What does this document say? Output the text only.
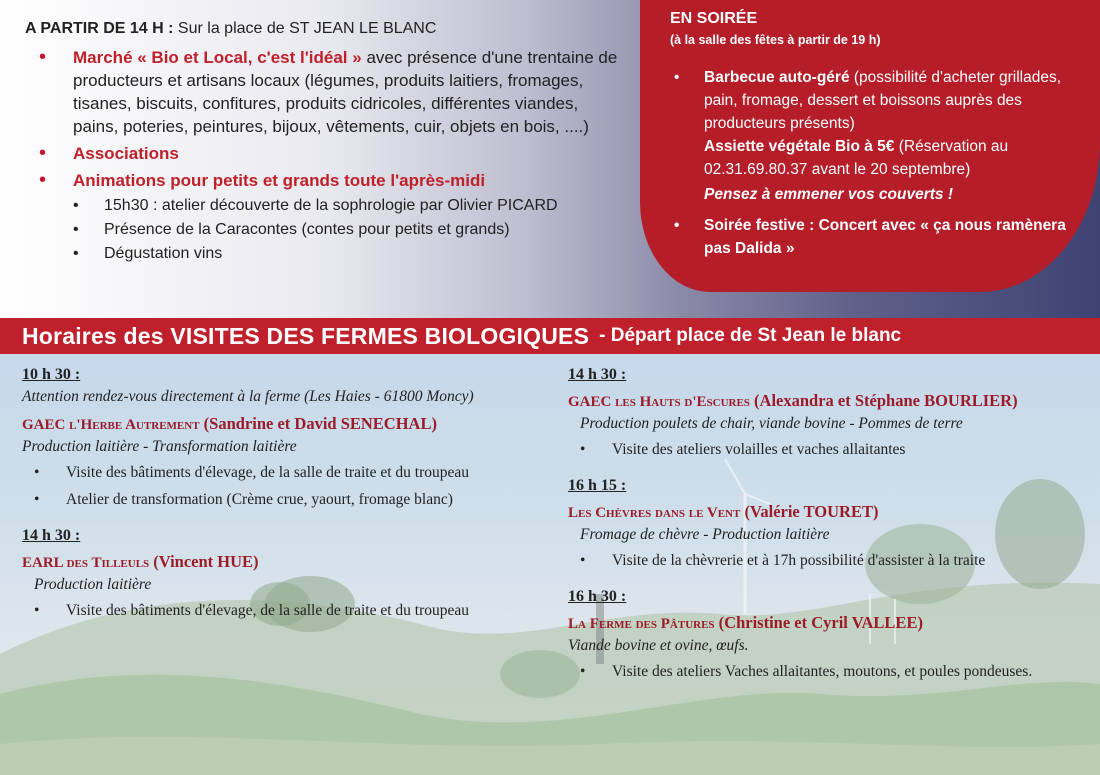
A PARTIR DE 14 H : Sur la place de ST JEAN LE BLANC
• Marché « Bio et Local, c'est l'idéal » avec présence d'une trentaine de producteurs et artisans locaux (légumes, produits laitiers, fromages, tisanes, biscuits, confitures, produits cidricoles, différentes viandes, pains, poteries, peintures, bijoux, vêtements, cuir, objets en bois, ....)
• Associations
• Animations pour petits et grands toute l'après-midi
• 15h30 : atelier découverte de la sophrologie par Olivier PICARD
• Présence de la Caracontes (contes pour petits et grands)
• Dégustation vins
EN SOIRÉE
(à la salle des fêtes à partir de 19 h)
• Barbecue auto-géré (possibilité d'acheter grillades, pain, fromage, dessert et boissons auprès des producteurs présents)
Assiette végétale Bio à 5€ (Réservation au 02.31.69.80.37 avant le 20 septembre)
Pensez à emmener vos couverts !
• Soirée festive : Concert avec « ça nous ramènera pas Dalida »
Horaires des VISITES DES FERMES BIOLOGIQUES - Départ place de St Jean le blanc
10 h 30 :
Attention rendez-vous directement à la ferme (Les Haies - 61800 Moncy)
GAEC l'Herbe Autrement (Sandrine et David SENECHAL)
Production laitière - Transformation laitière
• Visite des bâtiments d'élevage, de la salle de traite et du troupeau
• Atelier de transformation (Crème crue, yaourt, fromage blanc)
14 h 30 :
EARL des Tilleuls (Vincent HUE)
Production laitière
• Visite des bâtiments d'élevage, de la salle de traite et du troupeau
14 h 30 :
GAEC les Hauts d'Escures (Alexandra et Stéphane BOURLIER)
Production poulets de chair, viande bovine - Pommes de terre
• Visite des ateliers volailles et vaches allaitantes
16 h 15 :
Les Chèvres dans le Vent (Valérie TOURET)
Fromage de chèvre - Production laitière
• Visite de la chèvrerie et à 17h possibilité d'assister à la traite
16 h 30 :
La Ferme des Pâtures (Christine et Cyril VALLEE)
Viande bovine et ovine, œufs.
• Visite des ateliers Vaches allaitantes, moutons, et poules pondeuses.
